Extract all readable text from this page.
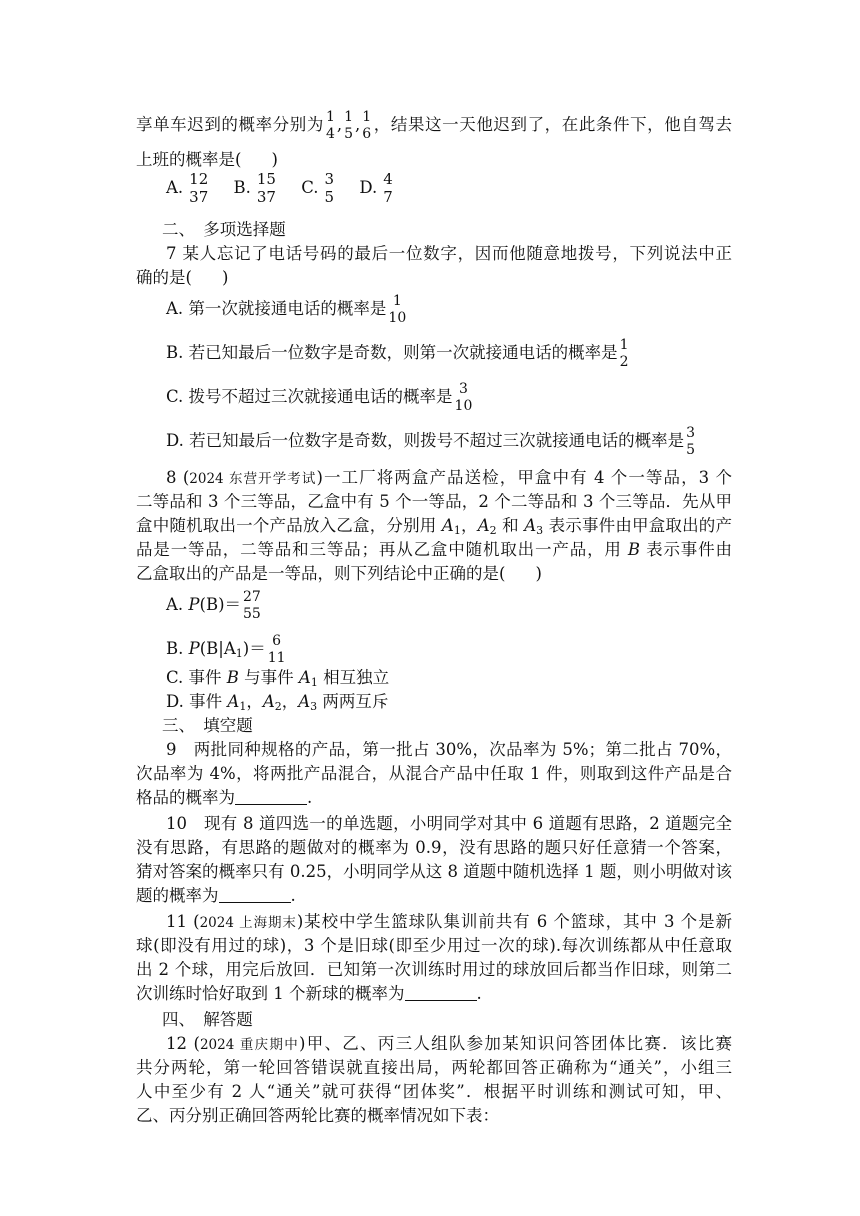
享单车迟到的概率分别为 1
4 , 1
5 , 1
6 ，结果这一天他迟到了，在此条件下，他自驾去
上班的概率是( )
A. 12
37 B. 15
37 C. 3
5 D. 4
7
二、　多项选择题
7 某人忘记了电话号码的最后一位数字，因而他随意地拨号，下列说法中正
确的是( )
A. 第一次就接通电话的概率是 1
10
B. 若已知最后一位数字是奇数，则第一次就接通电话的概率是 1
2
C. 拨号不超过三次就接通电话的概率是 3
10
D. 若已知最后一位数字是奇数，则拨号不超过三次就接通电话的概率是 3
5
8 (2024 东营开学考试)一工厂将两盒产品送检，甲盒中有 4 个一等品，3 个
二等品和 3 个三等品，乙盒中有 5 个一等品，2 个二等品和 3 个三等品．先从甲
盒中随机取出一个产品放入乙盒，分别用 $A_1$，$A_2$ 和 $A_3$ 表示事件由甲盒取出的产
品是一等品，二等品和三等品；再从乙盒中随机取出一产品，用 B 表示事件由
乙盒取出的产品是一等品，则下列结论中正确的是( )
A. P(B)＝ 27
55
B. $P(B|A_1)= 6$
11
C. 事件 B 与事件 $A_1$ 相互独立
D. 事件 $A_1$，$A_2$，$A_3$ 两两互斥
三、　填空题
9　两批同种规格的产品，第一批占 30%，次品率为 5%；第二批占 70%，
次品率为 4%，将两批产品混合，从混合产品中任取 1 件，则取到这件产品是合
格品的概率为	.
10　现有 8 道四选一的单选题，小明同学对其中 6 道题有思路，2 道题完全
没有思路，有思路的题做对的概率为 0.9，没有思路的题只好任意猜一个答案，
猜对答案的概率只有 0.25，小明同学从这 8 道题中随机选择 1 题，则小明做对该
题的概率为	.
11 (2024 上海期末)某校中学生篮球队集训前共有 6 个篮球，其中 3 个是新
球(即没有用过的球)，3 个是旧球(即至少用过一次的球).每次训练都从中任意取
出 2 个球，用完后放回．已知第一次训练时用过的球放回后都当作旧球，则第二
次训练时恰好取到 1 个新球的概率为	.
四、　解答题
12 (2024 重庆期中)甲、乙、丙三人组队参加某知识问答团体比赛．该比赛
共分两轮，第一轮回答错误就直接出局，两轮都回答正确称为“通关”，小组三
人中至少有 2 人“通关”就可获得“团体奖”．根据平时训练和测试可知，甲、
乙、丙分别正确回答两轮比赛的概率情况如下表：
